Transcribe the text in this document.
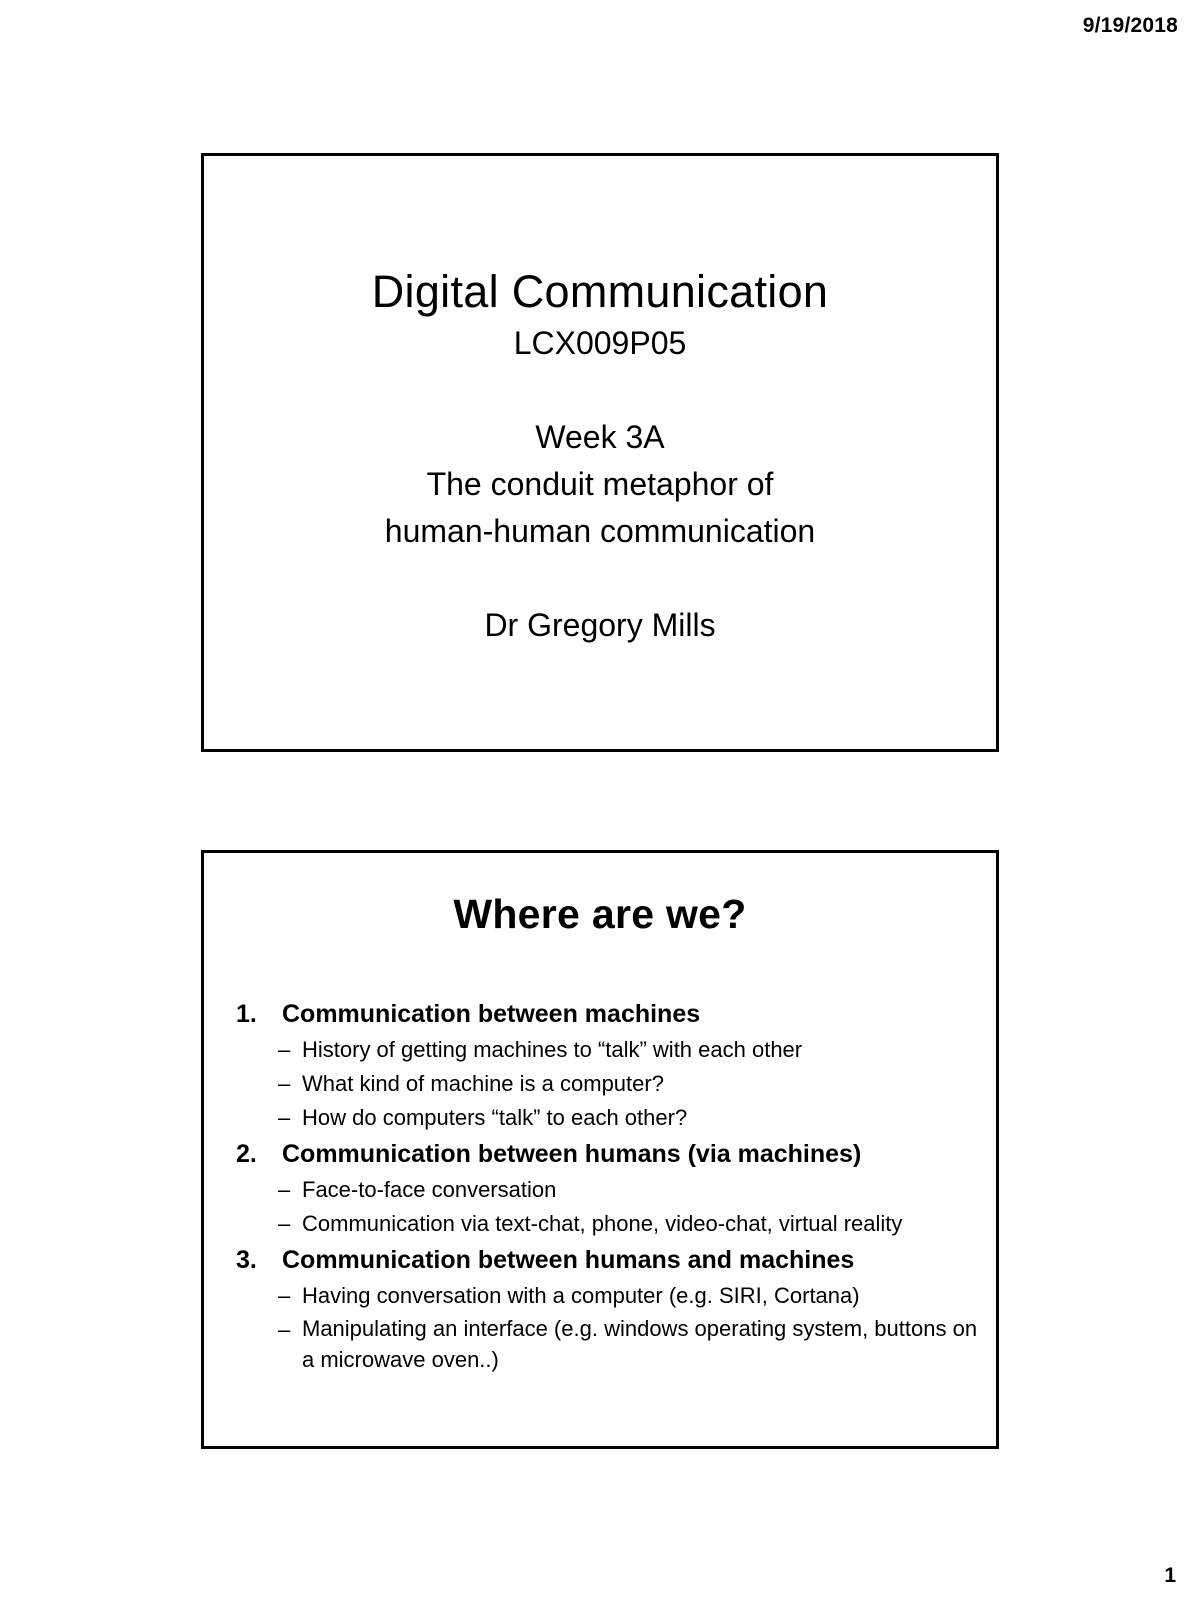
9/19/2018
Digital Communication
LCX009P05
Week 3A
The conduit metaphor of
human-human communication
Dr Gregory Mills
Where are we?
1.	Communication between machines
– History of getting machines to “talk” with each other
– What kind of machine is a computer?
– How do computers “talk” to each other?
2.	Communication between humans (via machines)
– Face-to-face conversation
– Communication via text-chat, phone, video-chat, virtual reality
3.	Communication between humans and machines
– Having conversation with a computer (e.g. SIRI, Cortana)
– Manipulating an interface (e.g. windows operating system, buttons on a microwave oven..)
1
